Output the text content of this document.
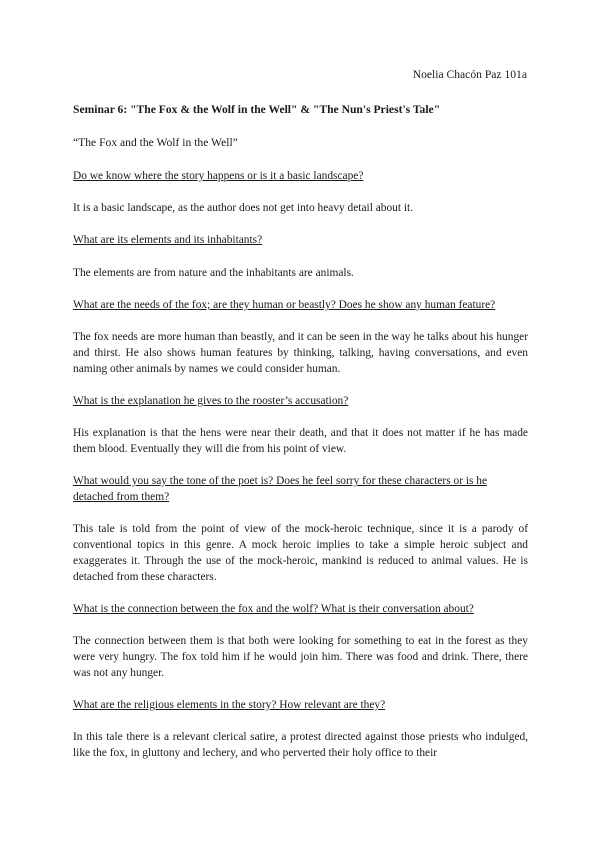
Noelia Chacón Paz 101a
Seminar 6: "The Fox & the Wolf in the Well" & "The Nun's Priest's Tale"
“The Fox and the Wolf in the Well”
Do we know where the story happens or is it a basic landscape?
It is a basic landscape, as the author does not get into heavy detail about it.
What are its elements and its inhabitants?
The elements are from nature and the inhabitants are animals.
What are the needs of the fox; are they human or beastly? Does he show any human feature?
The fox needs are more human than beastly, and it can be seen in the way he talks about his hunger and thirst. He also shows human features by thinking, talking, having conversations, and even naming other animals by names we could consider human.
What is the explanation he gives to the rooster’s accusation?
His explanation is that the hens were near their death, and that it does not matter if he has made them blood. Eventually they will die from his point of view.
What would you say the tone of the poet is? Does he feel sorry for these characters or is he detached from them?
This tale is told from the point of view of the mock-heroic technique, since it is a parody of conventional topics in this genre. A mock heroic implies to take a simple heroic subject and exaggerates it. Through the use of the mock-heroic, mankind is reduced to animal values. He is detached from these characters.
What is the connection between the fox and the wolf? What is their conversation about?
The connection between them is that both were looking for something to eat in the forest as they were very hungry. The fox told him if he would join him. There was food and drink. There, there was not any hunger.
What are the religious elements in the story? How relevant are they?
In this tale there is a relevant clerical satire, a protest directed against those priests who indulged, like the fox, in gluttony and lechery, and who perverted their holy office to their
